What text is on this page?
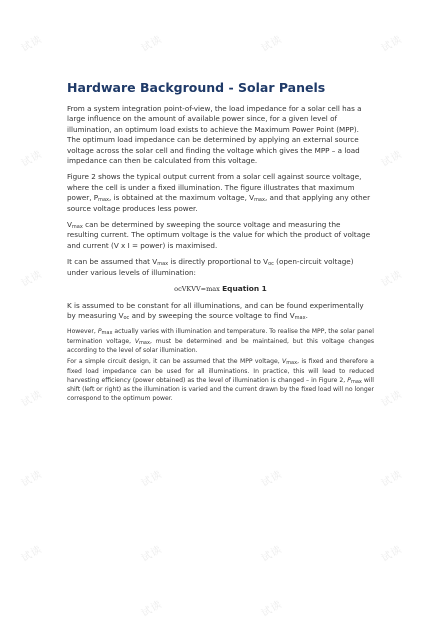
试读	试读	试读	试读
试读	试读
试读	试读
试读	试读
试读	试读	试读	试读
试读	试读	试读	试读
试读	试读
Hardware Background - Solar Panels

From a system integration point-of-view, the load impedance for a solar cell has a large influence on the amount of available power since, for a given level of illumination, an optimum load exists to achieve the Maximum Power Point (MPP). The optimum load impedance can be determined by applying an external source voltage across the solar cell and finding the voltage which gives the MPP – a load impedance can then be calculated from this voltage.

Figure 2 shows the typical output current from a solar cell against source voltage, where the cell is under a fixed illumination. The figure illustrates that maximum power, $P_{max}$, is obtained at the maximum voltage, $V_{max}$, and that applying any other source voltage produces less power.

$V_{max}$ can be determined by sweeping the source voltage and measuring the resulting current. The optimum voltage is the value for which the product of voltage and current (V x I = power) is maximised.

It can be assumed that $V_{max}$ is directly proportional to $V_{oc}$ (open-circuit voltage) under various levels of illumination:

ocVKVV=max Equation 1

K is assumed to be constant for all illuminations, and can be found experimentally by measuring $V_{oc}$ and by sweeping the source voltage to find $V_{max}$.

However, $P_{max}$ actually varies with illumination and temperature. To realise the MPP, the solar panel termination voltage, $V_{max}$, must be determined and be maintained, but this voltage changes according to the level of solar illumination.

For a simple circuit design, it can be assumed that the MPP voltage, $V_{max}$, is fixed and therefore a fixed load impedance can be used for all illuminations. In practice, this will lead to reduced harvesting efficiency (power obtained) as the level of illumination is changed – in Figure 2, $P_{max}$ will shift (left or right) as the illumination is varied and the current drawn by the fixed load will no longer correspond to the optimum power.
